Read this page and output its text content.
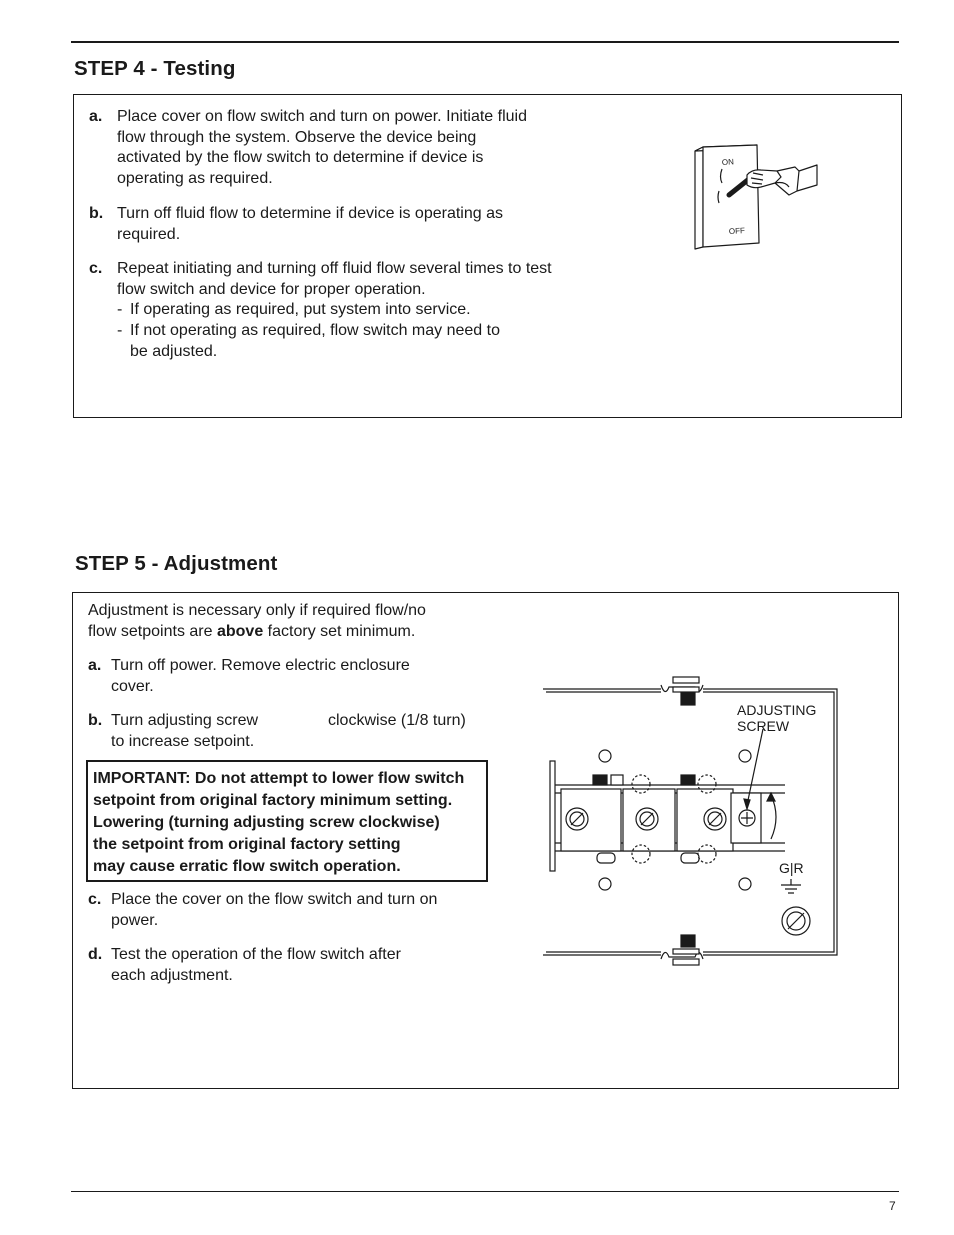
STEP 4 - Testing
a. Place cover on flow switch and turn on power. Initiate fluid flow through the system. Observe the device being activated by the flow switch to determine if device is operating as required.
b. Turn off fluid flow to determine if device is operating as required.
c. Repeat initiating and turning off fluid flow several times to test flow switch and device for proper operation.
- If operating as required, put system into service.
- If not operating as required, flow switch may need to be adjusted.
ON
OFF
STEP 5 - Adjustment
Adjustment is necessary only if required flow/no flow setpoints are above factory set minimum.
a. Turn off power. Remove electric enclosure cover.
b. Turn adjusting screw	clockwise (1/8 turn)
to increase setpoint.
IMPORTANT: Do not attempt to lower flow switch
setpoint from original factory minimum setting.
Lowering (turning adjusting screw clockwise)
the setpoint from original factory setting
may cause erratic flow switch operation.
c. Place the cover on the flow switch and turn on power.
d. Test the operation of the flow switch after each adjustment.
ADJUSTING
SCREW
G|R
7
